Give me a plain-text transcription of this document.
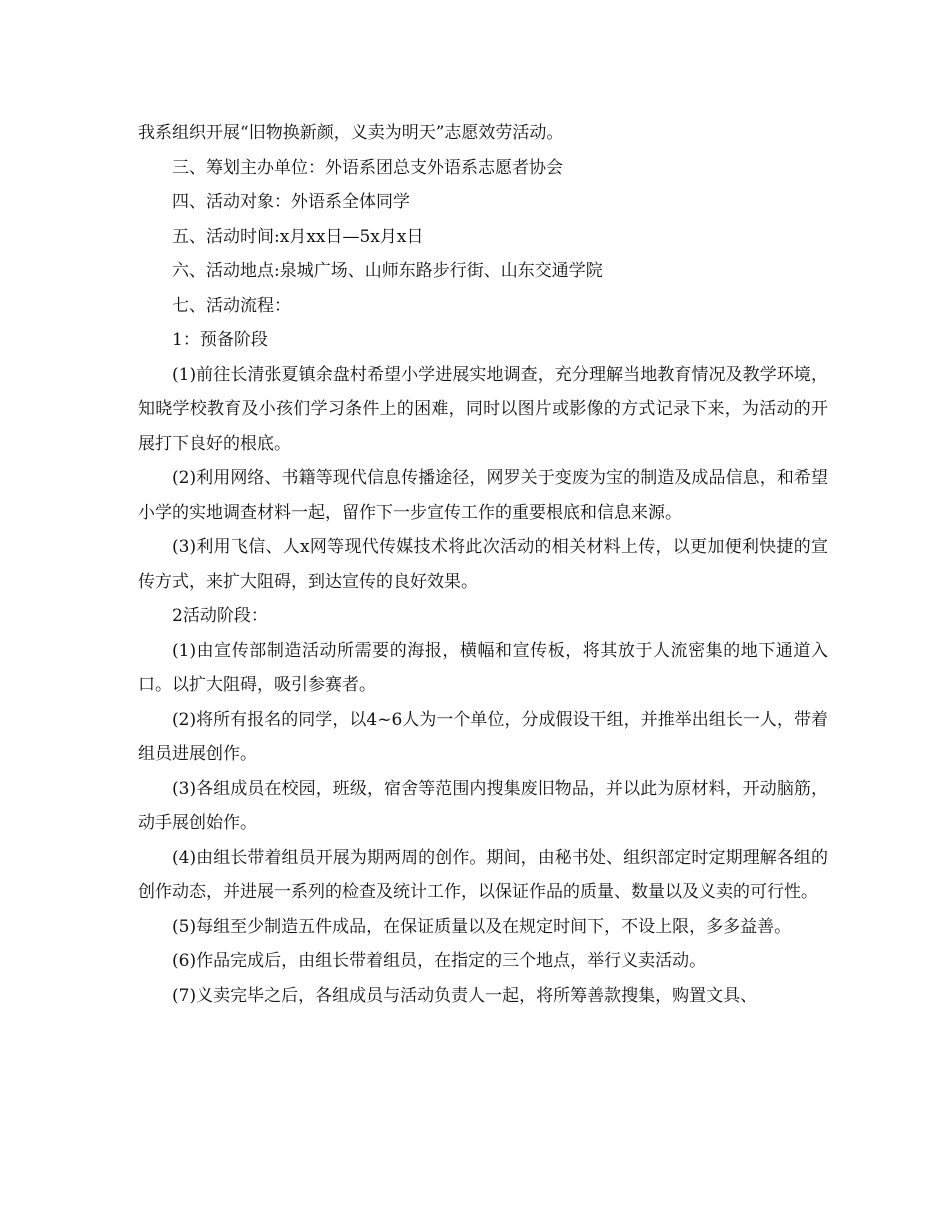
我系组织开展“旧物换新颜，义卖为明天”志愿效劳活动。

三、筹划主办单位：外语系团总支外语系志愿者协会

四、活动对象：外语系全体同学

五、活动时间:x月xx日—5x月x日

六、活动地点:泉城广场、山师东路步行街、山东交通学院

七、活动流程：

1：预备阶段

(1)前往长清张夏镇余盘村希望小学进展实地调查，充分理解当地教育情况及教学环境，知晓学校教育及小孩们学习条件上的困难，同时以图片或影像的方式记录下来，为活动的开展打下良好的根底。

(2)利用网络、书籍等现代信息传播途径，网罗关于变废为宝的制造及成品信息，和希望小学的实地调查材料一起，留作下一步宣传工作的重要根底和信息来源。

(3)利用飞信、人x网等现代传媒技术将此次活动的相关材料上传，以更加便利快捷的宣传方式，来扩大阻碍，到达宣传的良好效果。

2活动阶段：

(1)由宣传部制造活动所需要的海报，横幅和宣传板，将其放于人流密集的地下通道入口。以扩大阻碍，吸引参赛者。

(2)将所有报名的同学，以4~6人为一个单位，分成假设干组，并推举出组长一人，带着组员进展创作。

(3)各组成员在校园，班级，宿舍等范围内搜集废旧物品，并以此为原材料，开动脑筋，动手展创始作。

(4)由组长带着组员开展为期两周的创作。期间，由秘书处、组织部定时定期理解各组的创作动态，并进展一系列的检查及统计工作，以保证作品的质量、数量以及义卖的可行性。

(5)每组至少制造五件成品，在保证质量以及在规定时间下，不设上限，多多益善。

(6)作品完成后，由组长带着组员，在指定的三个地点，举行义卖活动。

(7)义卖完毕之后，各组成员与活动负责人一起，将所筹善款搜集，购置文具、
